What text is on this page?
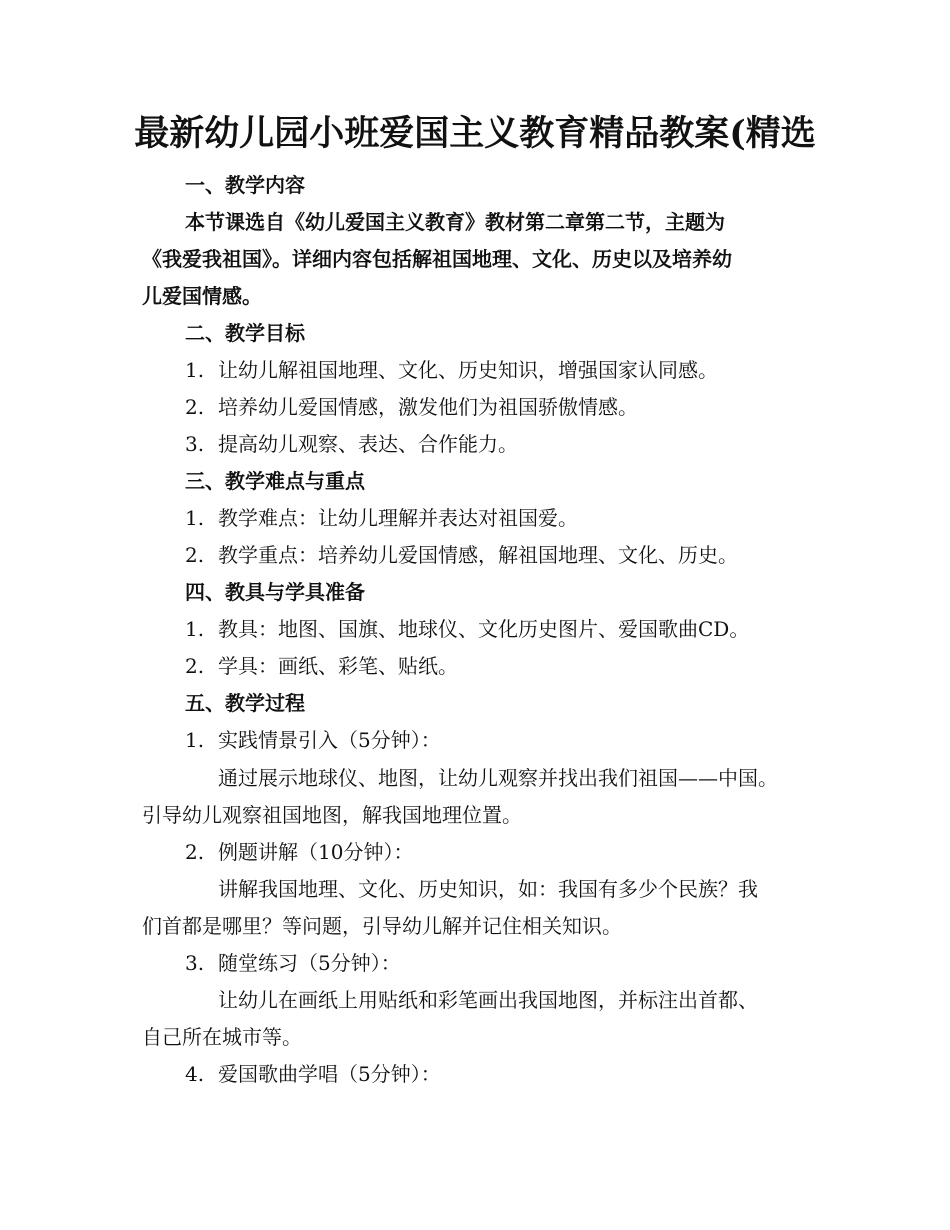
最新幼儿园小班爱国主义教育精品教案(精选
一、教学内容
本节课选自《幼儿爱国主义教育》教材第二章第二节，主题为
《我爱我祖国》。详细内容包括解祖国地理、文化、历史以及培养幼
儿爱国情感。
二、教学目标
1. 让幼儿解祖国地理、文化、历史知识，增强国家认同感。
2. 培养幼儿爱国情感，激发他们为祖国骄傲情感。
3. 提高幼儿观察、表达、合作能力。
三、教学难点与重点
1. 教学难点：让幼儿理解并表达对祖国爱。
2. 教学重点：培养幼儿爱国情感，解祖国地理、文化、历史。
四、教具与学具准备
1. 教具：地图、国旗、地球仪、文化历史图片、爱国歌曲CD。
2. 学具：画纸、彩笔、贴纸。
五、教学过程
1. 实践情景引入（5分钟）：
通过展示地球仪、地图，让幼儿观察并找出我们祖国——中国。
引导幼儿观察祖国地图，解我国地理位置。
2. 例题讲解（10分钟）：
讲解我国地理、文化、历史知识，如：我国有多少个民族？我
们首都是哪里？等问题，引导幼儿解并记住相关知识。
3. 随堂练习（5分钟）：
让幼儿在画纸上用贴纸和彩笔画出我国地图，并标注出首都、
自己所在城市等。
4. 爱国歌曲学唱（5分钟）：
